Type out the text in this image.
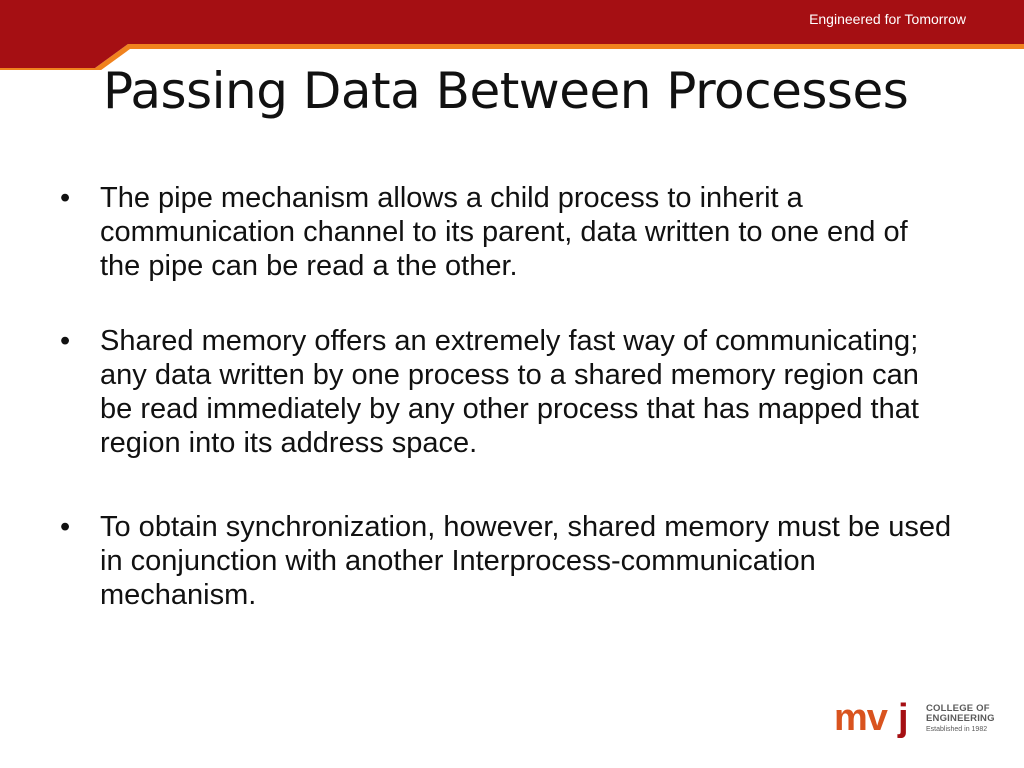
Engineered for Tomorrow
Passing Data Between Processes
• The pipe mechanism allows a child process to inherit a communication channel to its parent, data written to one end of the pipe can be read a the other.
• Shared memory offers an extremely fast way of communicating; any data written by one process to a shared memory region can be read immediately by any other process that has mapped that region into its address space.
• To obtain synchronization, however, shared memory must be used in conjunction with another Interprocess-communication mechanism.
mv j COLLEGE OF
ENGINEERING
Established in 1982
